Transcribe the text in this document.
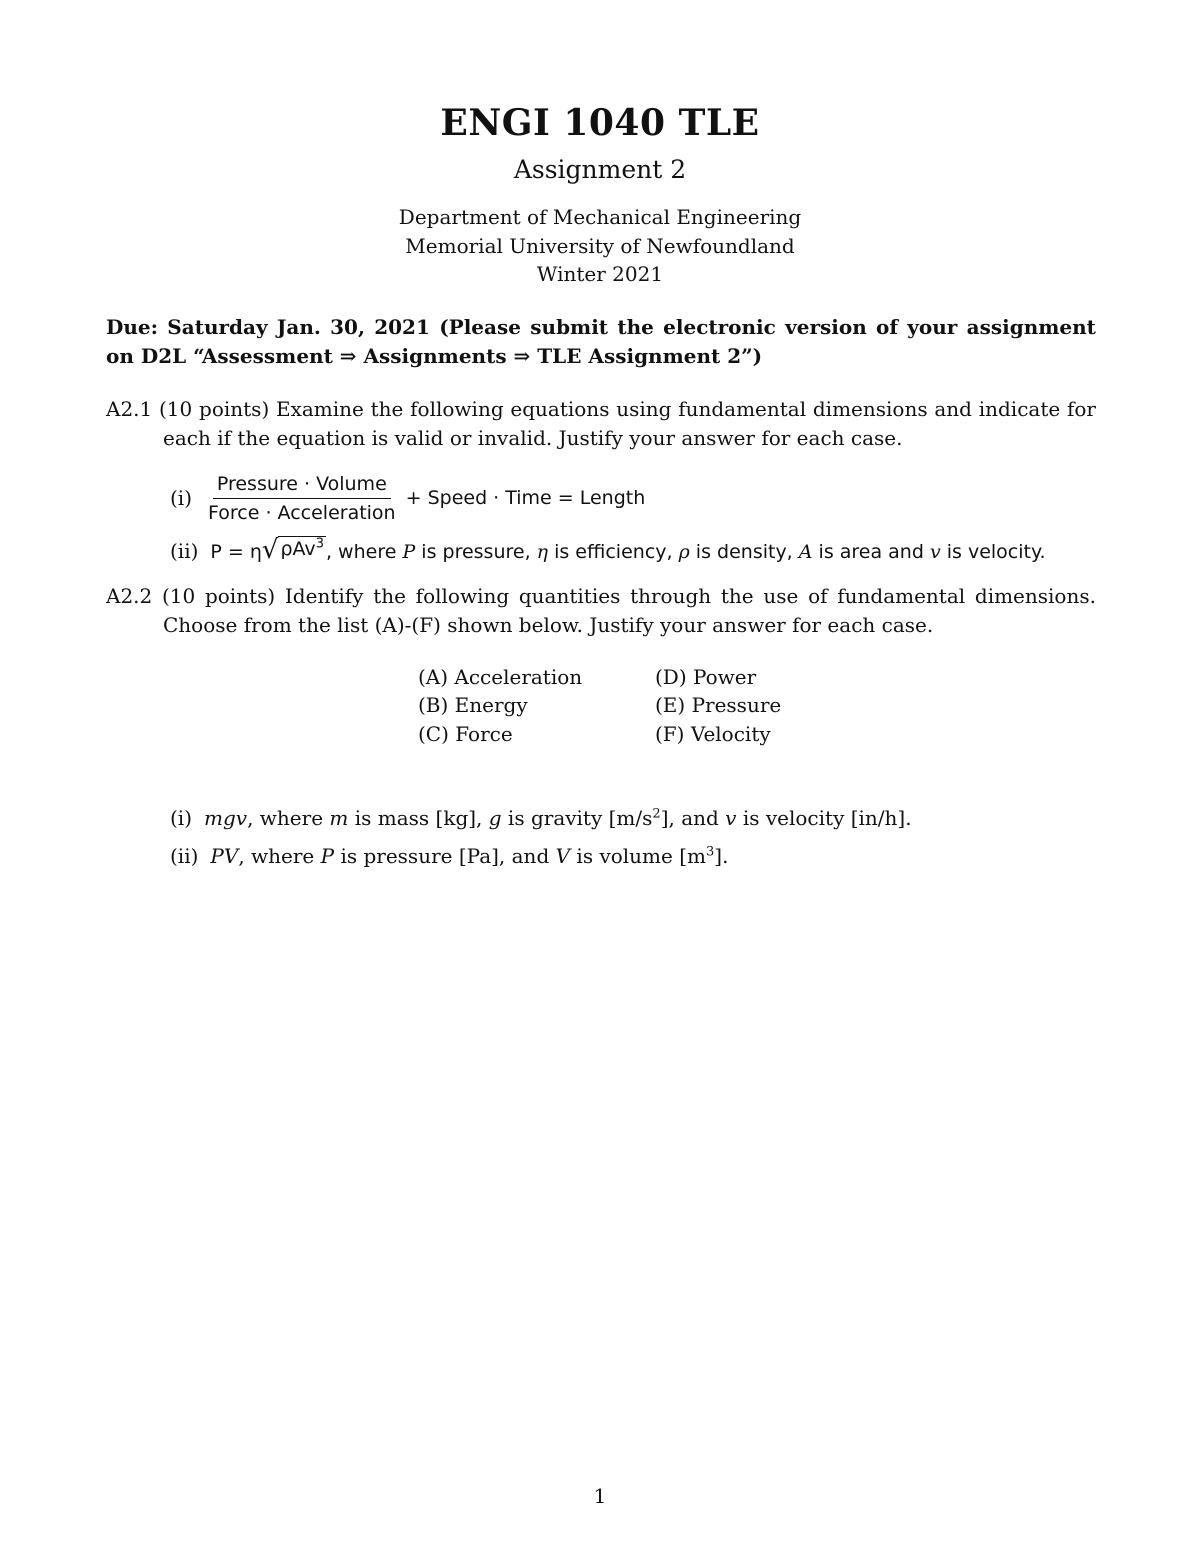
ENGI 1040 TLE
Assignment 2
Department of Mechanical Engineering
Memorial University of Newfoundland
Winter 2021
Due: Saturday Jan. 30, 2021 (Please submit the electronic version of your assignment
on D2L “Assessment ⇒ Assignments ⇒ TLE Assignment 2”)
A2.1 (10 points) Examine the following equations using fundamental dimensions and indicate for
each if the equation is valid or invalid. Justify your answer for each case.
$(i) \frac{\text{Pressure · Volume}}{\text{Force · Acceleration}}$ + Speed · Time = Length
(ii) P = η √ ρAv$^3$ , where P is pressure, η is efficiency, ρ is density, A is area and v is velocity.
A2.2 (10 points) Identify the following quantities through the use of fundamental dimensions.
Choose from the list (A)-(F) shown below. Justify your answer for each case.
(A) Acceleration
(B) Energy
(C) Force
(D) Power
(E) Pressure
(F) Velocity
(i) mgv, where m is mass [kg], g is gravity $[m/s^2]$, and v is velocity [in/h].
(ii) PV, where P is pressure [Pa], and V is volume $[m^3]$.
1
